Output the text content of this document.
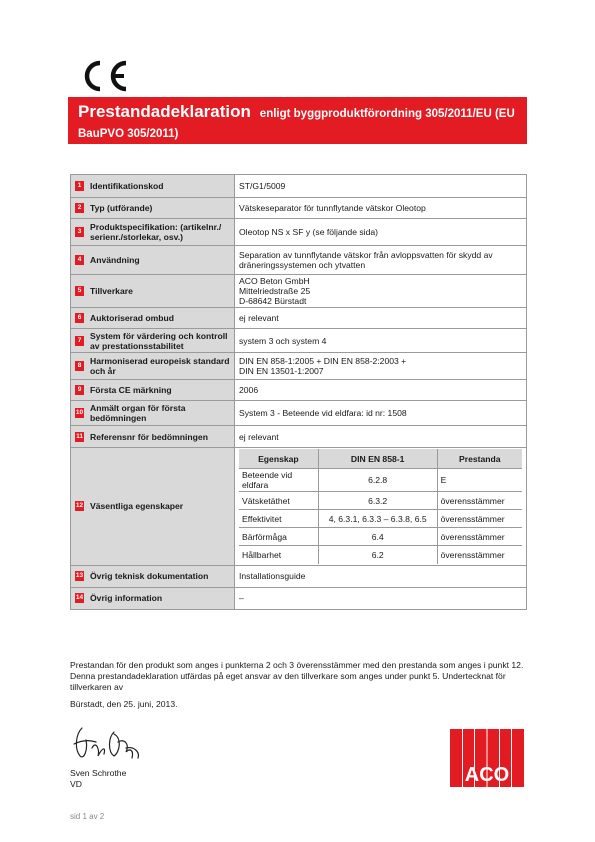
Prestandadeklaration enligt byggproduktförordning 305/2011/EU (EU
BauPVO 305/2011)
1	Identifikationskod	ST/G1/5009

2	Typ (utförande)	Vätskeseparator för tunnflytande vätskor Oleotop

3	Produktspecifikation: (artikelnr./ serienr./storlekar, osv.)	Oleotop NS x SF y (se följande sida)

4	Användning	Separation av tunnflytande vätskor från avloppsvatten för skydd av dräneringssystemen och ytvatten

5	Tillverkare
	ACO Beton GmbH
Mittelriedstraße 25
D-68642 Bürstadt

6	Auktoriserad ombud	ej relevant

7	System för värdering och kontroll av prestationsstabilitet	system 3 och system 4

8	Harmoniserad europeisk standard och år
	DIN EN 858-1:2005 + DIN EN 858-2:2003 +
DIN EN 13501-1:2007

9	Första CE märkning	2006

10 Anmält organ för första bedömningen	System 3 - Beteende vid eldfara: id nr: 1508

11 Referensnr för bedömningen	ej relevant

12 Väsentliga egenskaper

Egenskap	DIN EN 858-1	Prestanda
Beteende vid eldfara	6.2.8	E
Vätsketäthet	6.3.2	överensstämmer
Effektivitet	4, 6.3.1, 6.3.3 – 6.3.8, 6.5	överensstämmer
Bärförmåga	6.4	överensstämmer
Hållbarhet	6.2	överensstämmer

13 Övrig teknisk dokumentation	Installationsguide

14 Övrig information	–
Prestandan för den produkt som anges i punkterna 2 och 3 överensstämmer med den prestanda som anges i punkt 12. Denna prestandadeklaration utfärdas på eget ansvar av den tillverkare som anges under punkt 5. Undertecknat för tillverkaren av
Bürstadt, den 25. juni, 2013.
Sven Schrothe
VD
sid 1 av 2
ACO
